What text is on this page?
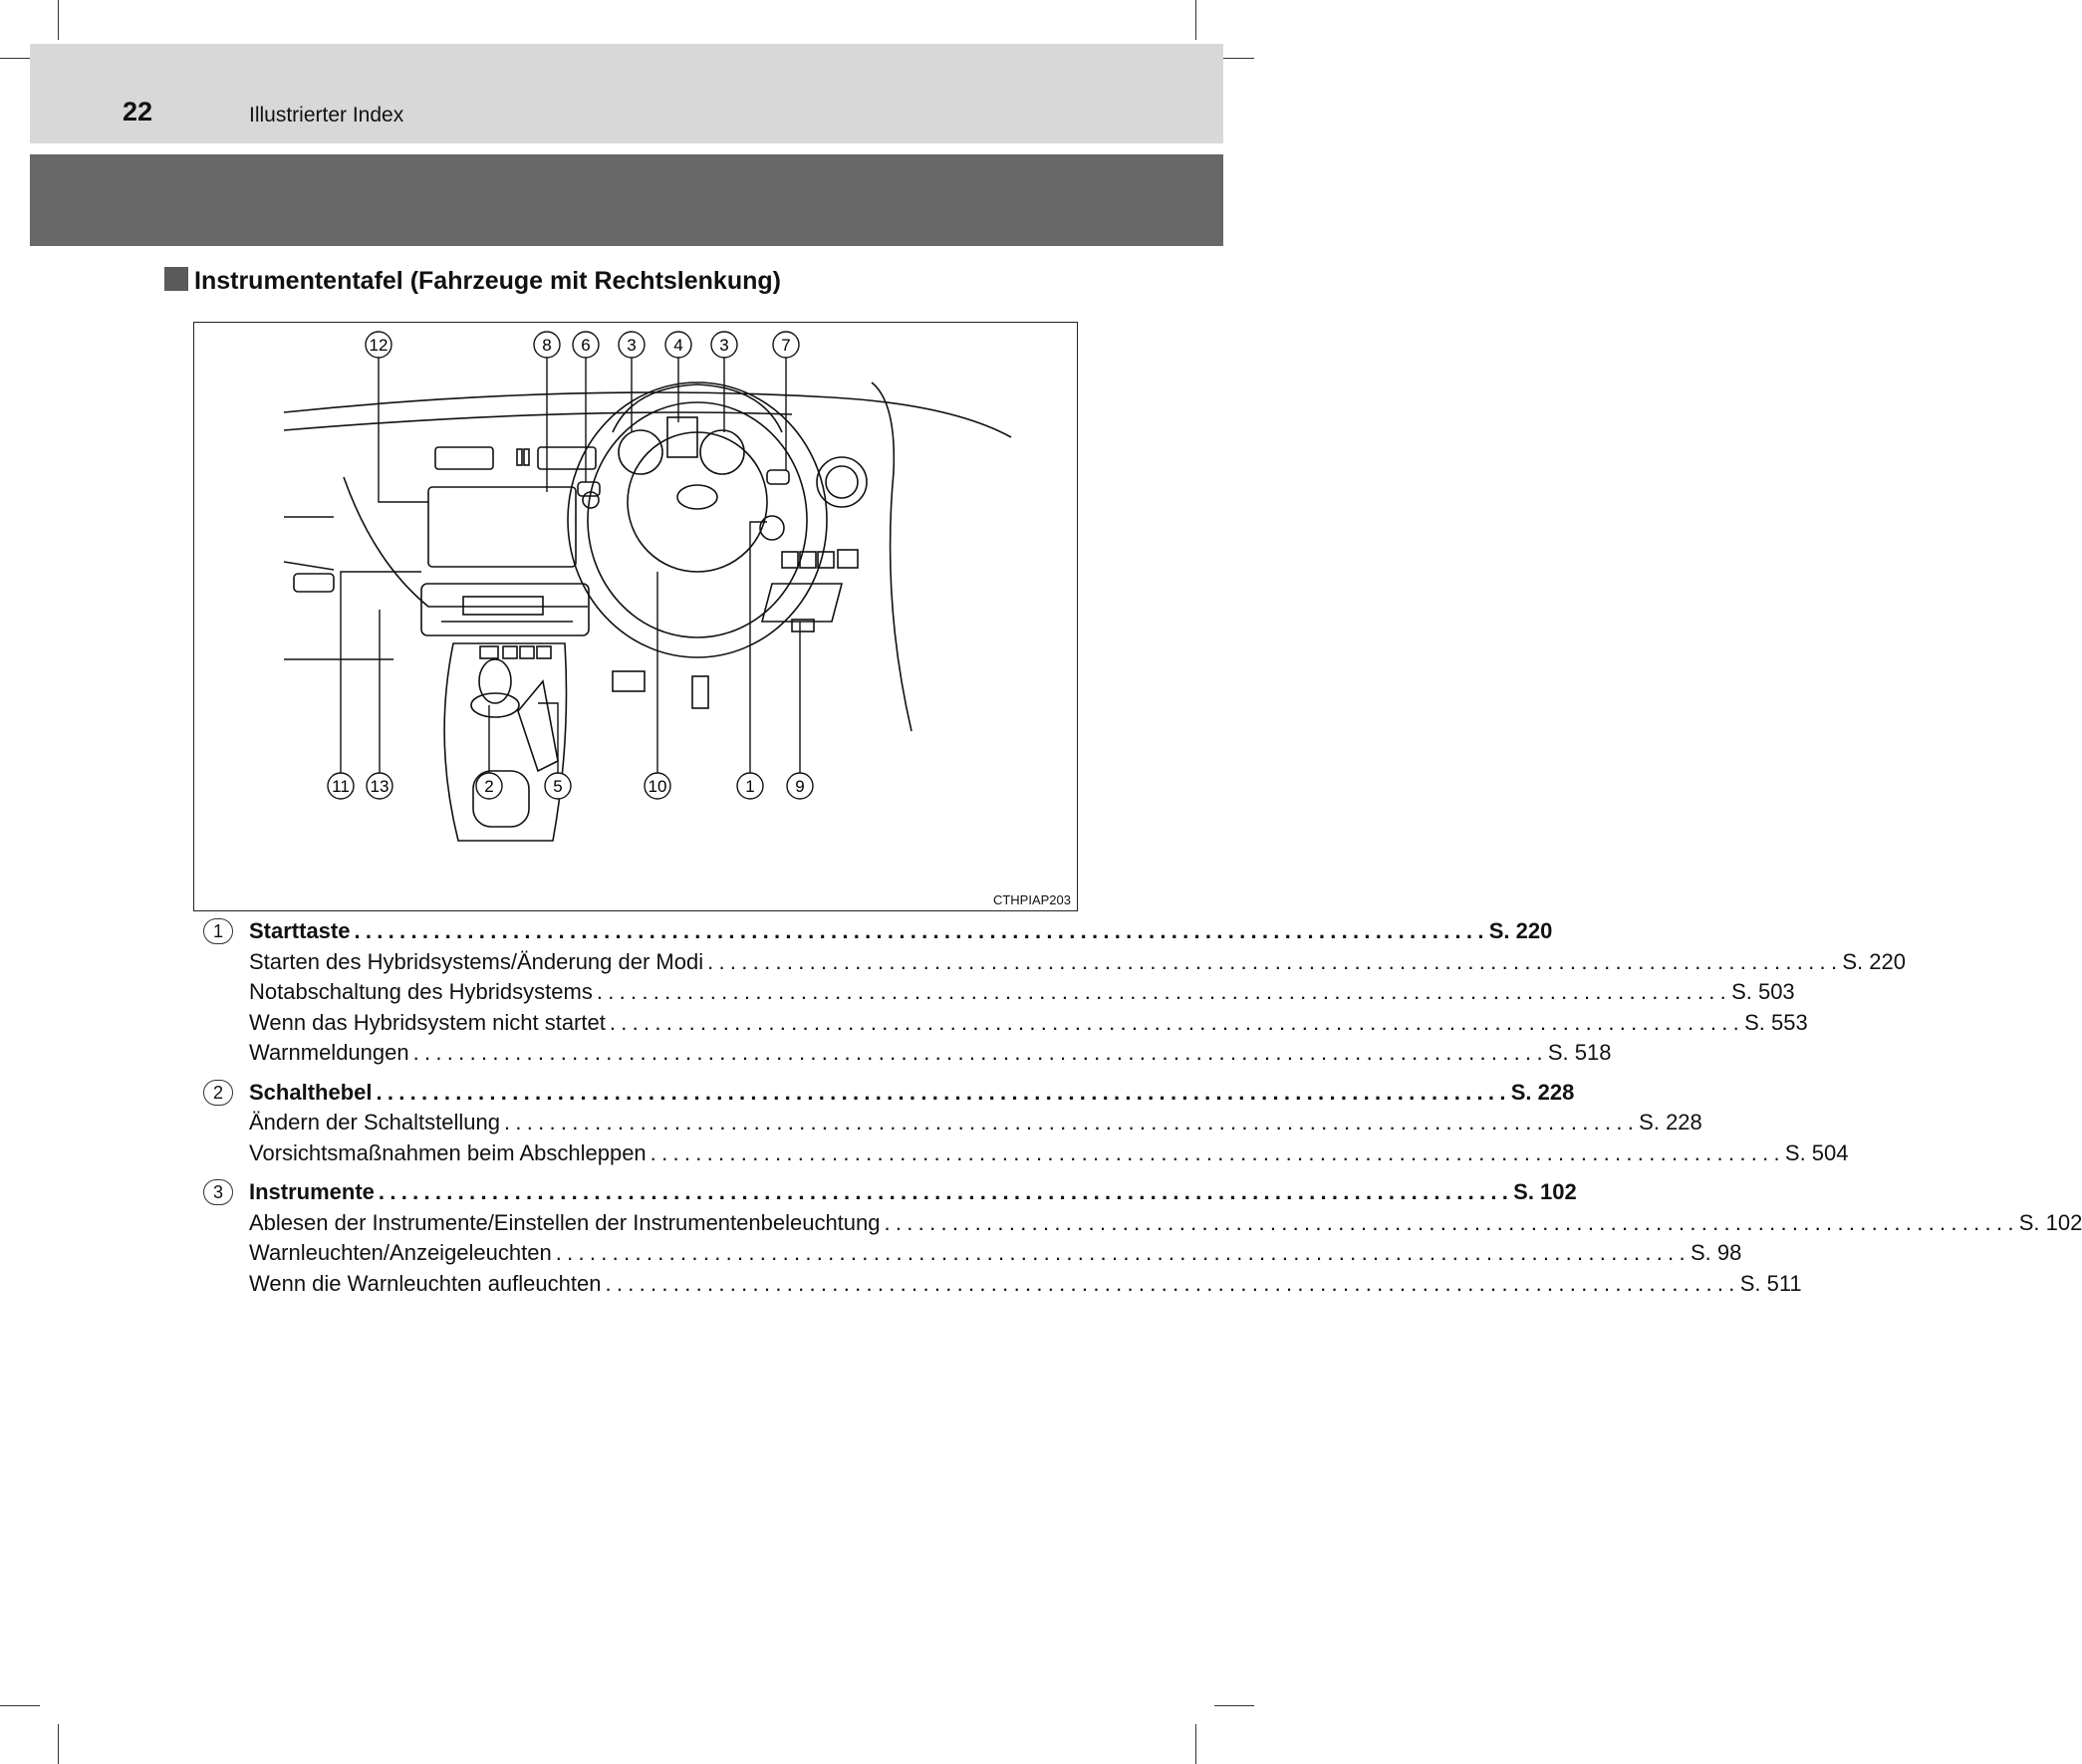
22	Illustrierter Index
Instrumententafel (Fahrzeuge mit Rechtslenkung)
12	8 6 3 4 3	7
11 13	2	5	10	1 9
CTHPIAP203
1	Starttaste .................................................................................................... S. 220
Starten des Hybridsystems/Änderung der Modi .................................................................................................... S. 220
Notabschaltung des Hybridsystems .................................................................................................... S. 503
Wenn das Hybridsystem nicht startet .................................................................................................... S. 553
Warnmeldungen .................................................................................................... S. 518
2	Schalthebel .................................................................................................... S. 228
Ändern der Schaltstellung .................................................................................................... S. 228
Vorsichtsmaßnahmen beim Abschleppen .................................................................................................... S. 504
3	Instrumente .................................................................................................... S. 102
Ablesen der Instrumente/Einstellen der Instrumentenbeleuchtung .................................................................................................... S. 102
Warnleuchten/Anzeigeleuchten .................................................................................................... S. 98
Wenn die Warnleuchten aufleuchten .................................................................................................... S. 511
